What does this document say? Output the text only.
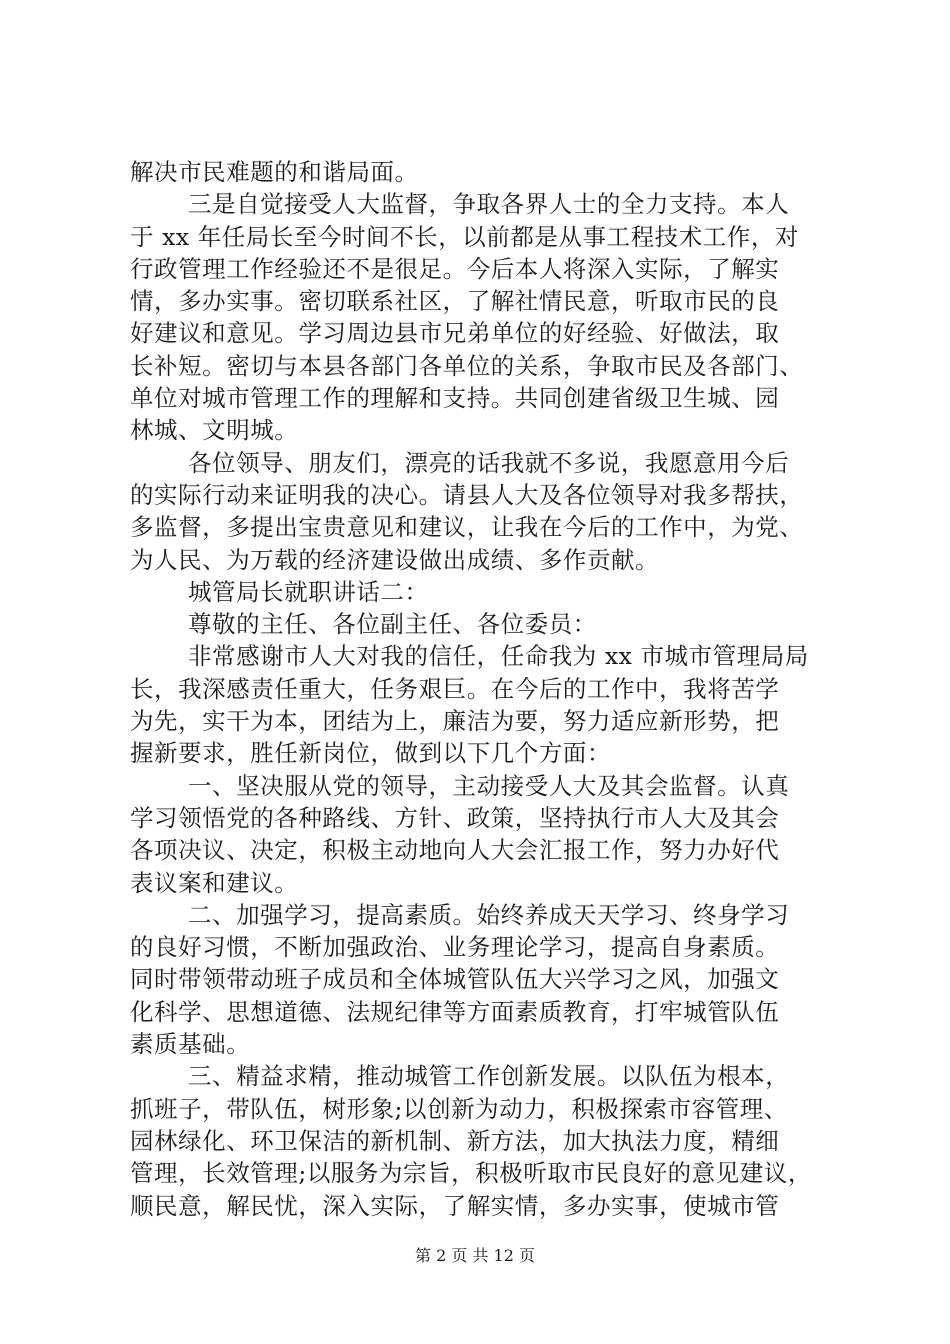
解决市民难题的和谐局面。
三是自觉接受人大监督，争取各界人士的全力支持。本人
于 xx 年任局长至今时间不长，以前都是从事工程技术工作，对
行政管理工作经验还不是很足。今后本人将深入实际，了解实
情，多办实事。密切联系社区，了解社情民意，听取市民的良
好建议和意见。学习周边县市兄弟单位的好经验、好做法，取
长补短。密切与本县各部门各单位的关系，争取市民及各部门、
单位对城市管理工作的理解和支持。共同创建省级卫生城、园
林城、文明城。
各位领导、朋友们，漂亮的话我就不多说，我愿意用今后
的实际行动来证明我的决心。请县人大及各位领导对我多帮扶，
多监督，多提出宝贵意见和建议，让我在今后的工作中，为党、
为人民、为万载的经济建设做出成绩、多作贡献。
城管局长就职讲话二：
尊敬的主任、各位副主任、各位委员：
非常感谢市人大对我的信任，任命我为 xx 市城市管理局局
长，我深感责任重大，任务艰巨。在今后的工作中，我将苦学
为先，实干为本，团结为上，廉洁为要，努力适应新形势，把
握新要求，胜任新岗位，做到以下几个方面：
一、坚决服从党的领导，主动接受人大及其会监督。认真
学习领悟党的各种路线、方针、政策，坚持执行市人大及其会
各项决议、决定，积极主动地向人大会汇报工作，努力办好代
表议案和建议。
二、加强学习，提高素质。始终养成天天学习、终身学习
的良好习惯，不断加强政治、业务理论学习，提高自身素质。
同时带领带动班子成员和全体城管队伍大兴学习之风，加强文
化科学、思想道德、法规纪律等方面素质教育，打牢城管队伍
素质基础。
三、精益求精，推动城管工作创新发展。以队伍为根本，
抓班子，带队伍，树形象;以创新为动力，积极探索市容管理、
园林绿化、环卫保洁的新机制、新方法，加大执法力度，精细
管理，长效管理;以服务为宗旨，积极听取市民良好的意见建议，
顺民意，解民忧，深入实际，了解实情，多办实事，使城市管
第 2 页 共 12 页
